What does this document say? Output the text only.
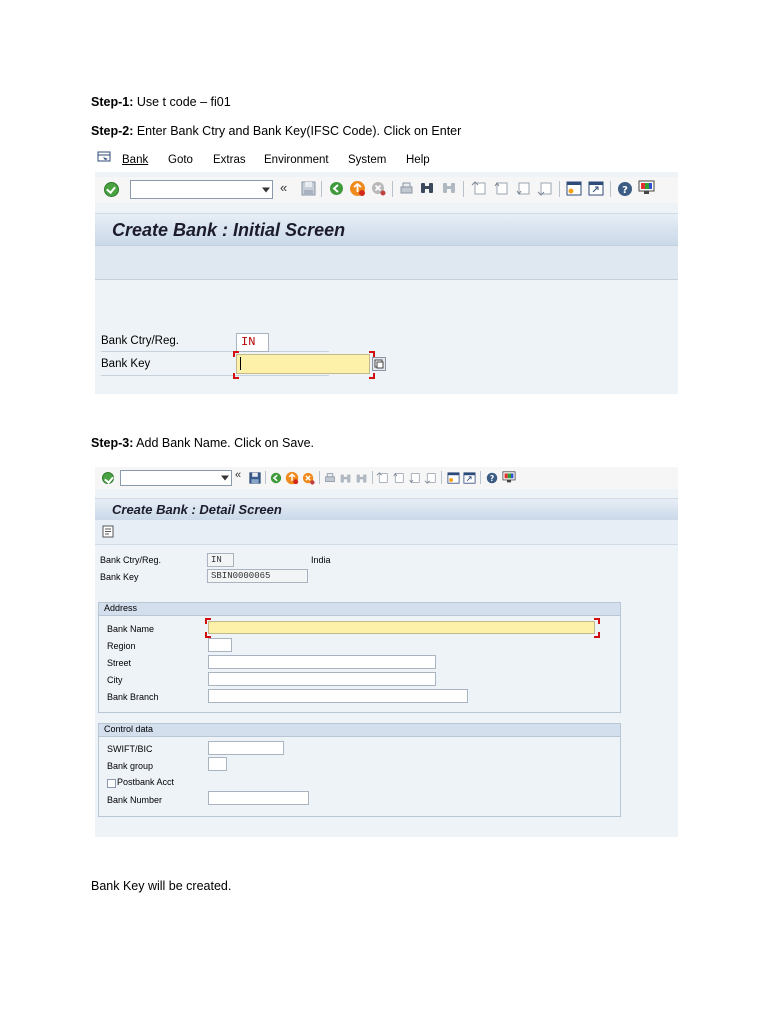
Step-1: Use t code – fi01
Step-2: Enter Bank Ctry and Bank Key(IFSC Code). Click on Enter
Bank Goto Extras Environment System Help
«	?
Create Bank : Initial Screen
Bank Ctry/Reg.	IN
Bank Key
Step-3: Add Bank Name. Click on Save.
«	?
Create Bank : Detail Screen
Bank Ctry/Reg.	IN	India
Bank Key	SBIN0000065
Address
Bank Name
Region
Street
City
Bank Branch
Control data
SWIFT/BIC
Bank group
Postbank Acct
Bank Number
Bank Key will be created.
